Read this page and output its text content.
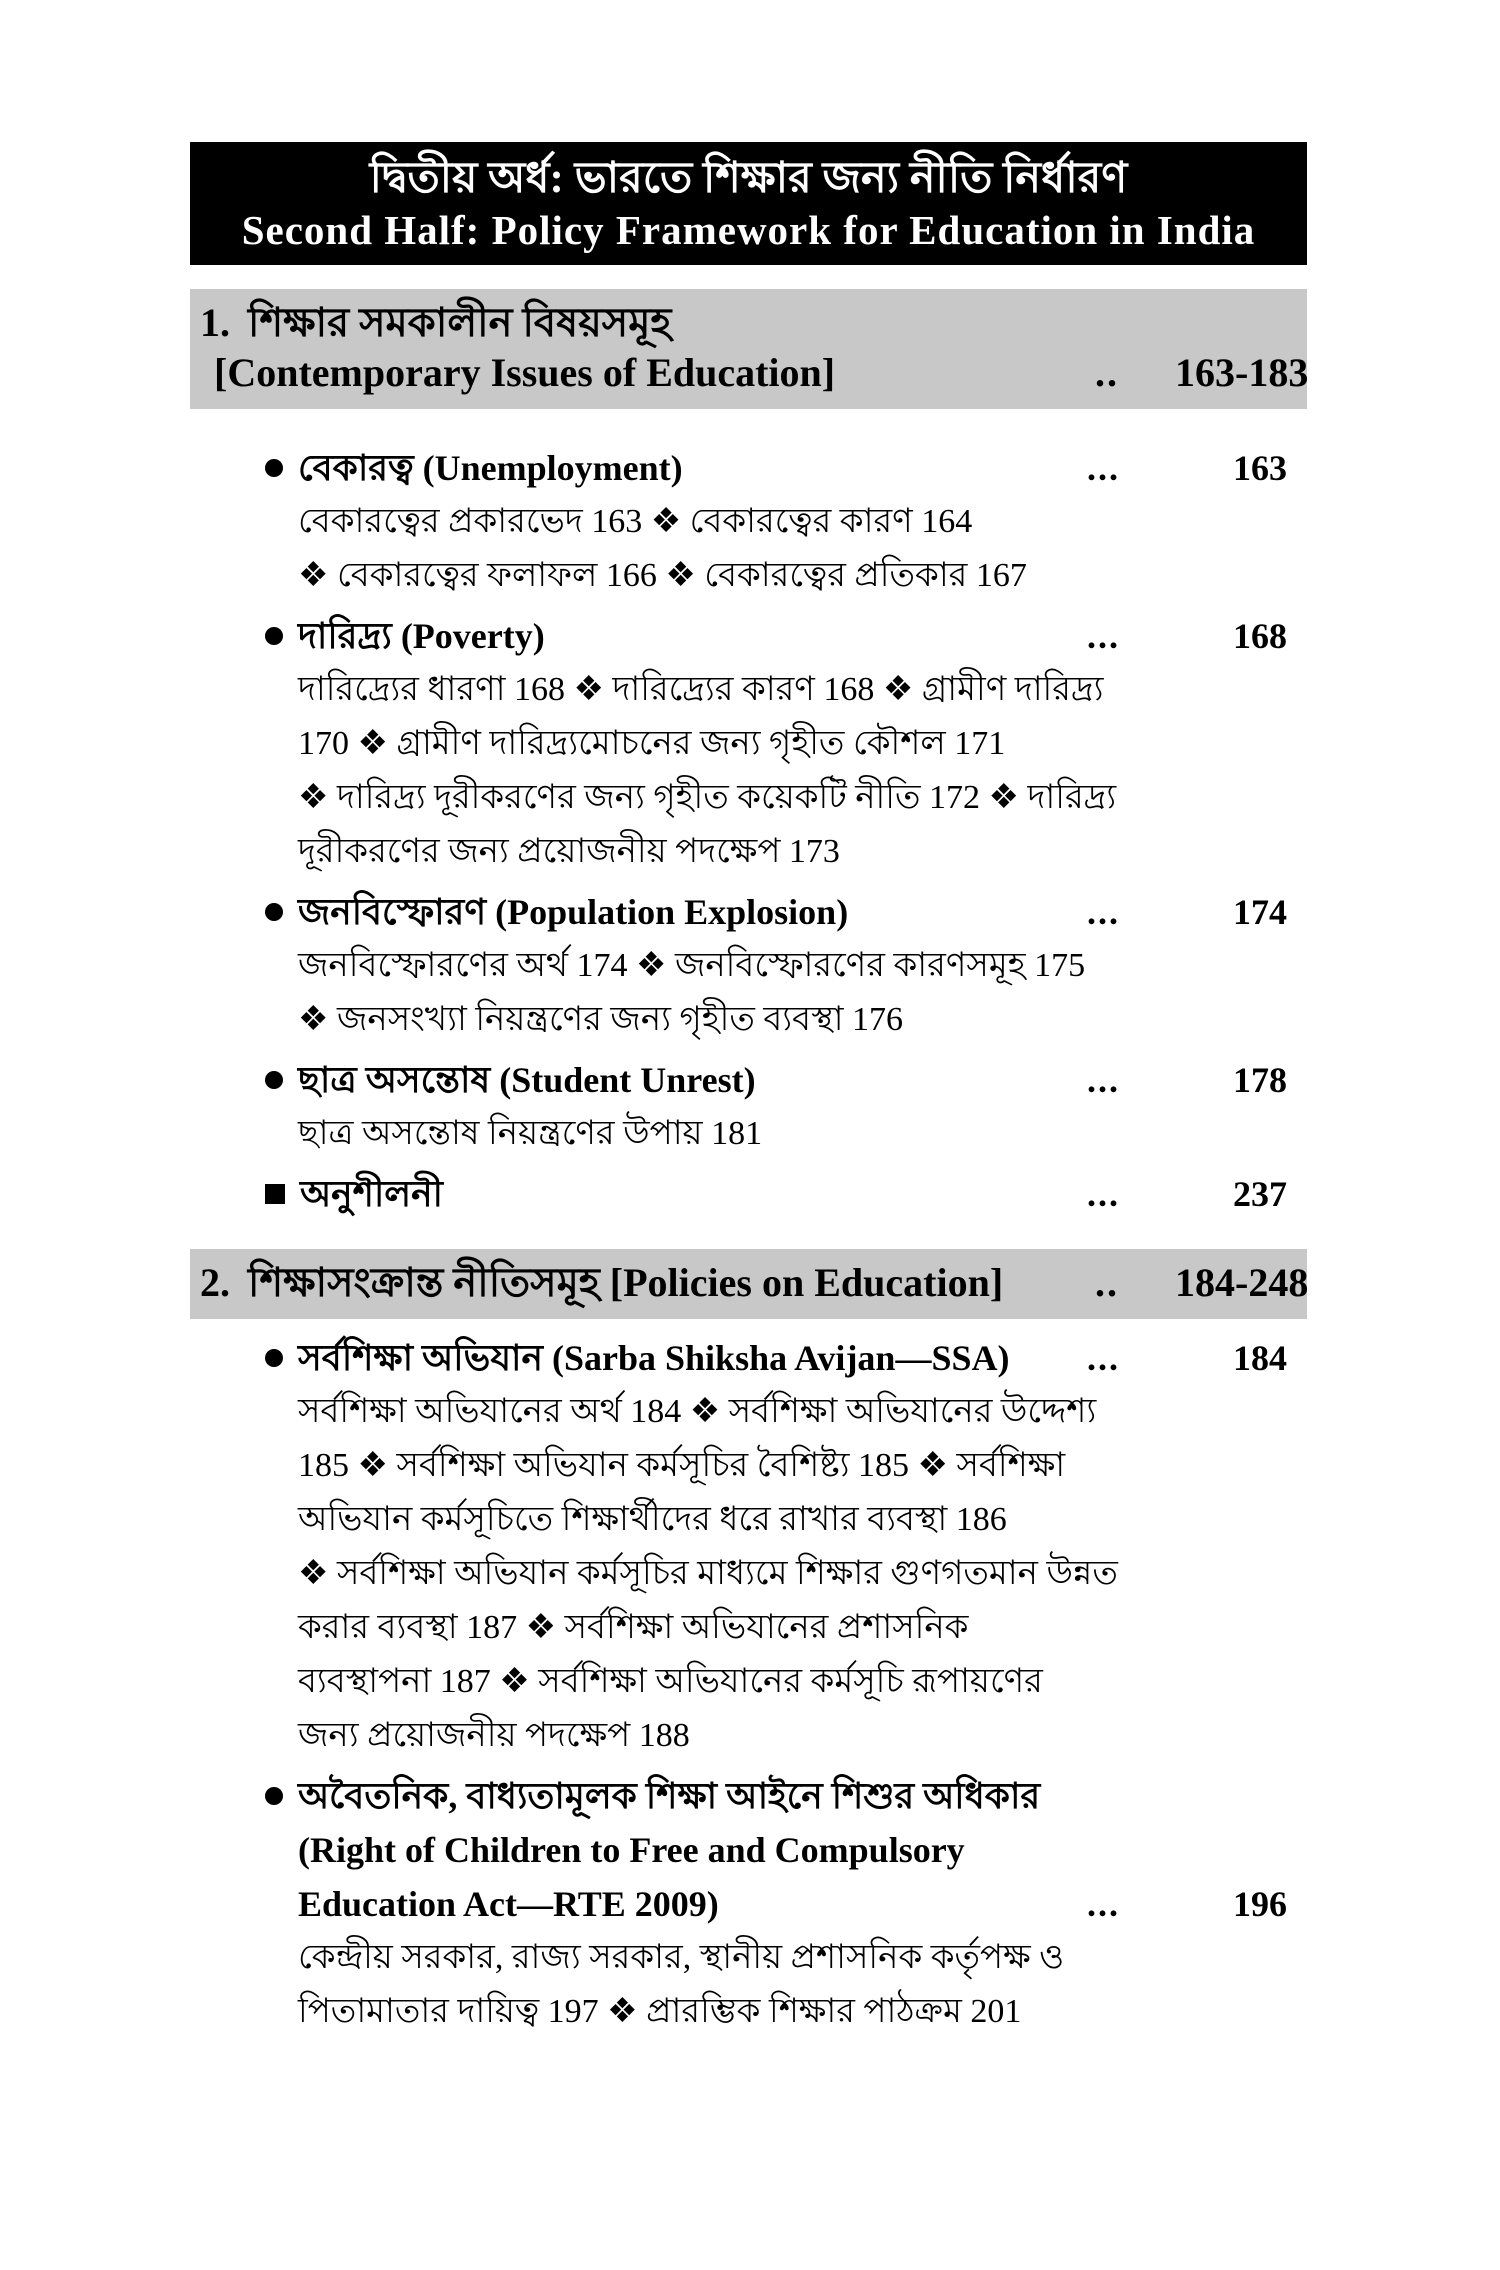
দ্বিতীয় অর্ধ: ভারতে শিক্ষার জন্য নীতি নির্ধারণ
Second Half: Policy Framework for Education in India
1. শিক্ষার সমকালীন বিষয়সমূহ
[Contemporary Issues of Education]	..	163-183
বেকারত্ব (Unemployment)	...	163
বেকারত্বের প্রকারভেদ 163 ❖ বেকারত্বের কারণ 164
❖ বেকারত্বের ফলাফল 166 ❖ বেকারত্বের প্রতিকার 167
দারিদ্র্য (Poverty)	...	168
দারিদ্র্যের ধারণা 168 ❖ দারিদ্র্যের কারণ 168 ❖ গ্রামীণ দারিদ্র্য
170 ❖ গ্রামীণ দারিদ্র্যমোচনের জন্য গৃহীত কৌশল 171
❖ দারিদ্র্য দূরীকরণের জন্য গৃহীত কয়েকটি নীতি 172 ❖ দারিদ্র্য
দূরীকরণের জন্য প্রয়োজনীয় পদক্ষেপ 173
জনবিস্ফোরণ (Population Explosion)	...	174
জনবিস্ফোরণের অর্থ 174 ❖ জনবিস্ফোরণের কারণসমূহ 175
❖ জনসংখ্যা নিয়ন্ত্রণের জন্য গৃহীত ব্যবস্থা 176
ছাত্র অসন্তোষ (Student Unrest)	...	178
ছাত্র অসন্তোষ নিয়ন্ত্রণের উপায় 181
অনুশীলনী	...	237
2. শিক্ষাসংক্রান্ত নীতিসমূহ [Policies on Education] ..	184-248
সর্বশিক্ষা অভিযান (Sarba Shiksha Avijan—SSA) ...	184
সর্বশিক্ষা অভিযানের অর্থ 184 ❖ সর্বশিক্ষা অভিযানের উদ্দেশ্য
185 ❖ সর্বশিক্ষা অভিযান কর্মসূচির বৈশিষ্ট্য 185 ❖ সর্বশিক্ষা
অভিযান কর্মসূচিতে শিক্ষার্থীদের ধরে রাখার ব্যবস্থা 186
❖ সর্বশিক্ষা অভিযান কর্মসূচির মাধ্যমে শিক্ষার গুণগতমান উন্নত
করার ব্যবস্থা 187 ❖ সর্বশিক্ষা অভিযানের প্রশাসনিক
ব্যবস্থাপনা 187 ❖ সর্বশিক্ষা অভিযানের কর্মসূচি রূপায়ণের
জন্য প্রয়োজনীয় পদক্ষেপ 188
অবৈতনিক, বাধ্যতামূলক শিক্ষা আইনে শিশুর অধিকার
(Right of Children to Free and Compulsory
Education Act—RTE 2009)	...	196
কেন্দ্রীয় সরকার, রাজ্য সরকার, স্থানীয় প্রশাসনিক কর্তৃপক্ষ ও
পিতামাতার দায়িত্ব 197 ❖ প্রারম্ভিক শিক্ষার পাঠক্রম 201
